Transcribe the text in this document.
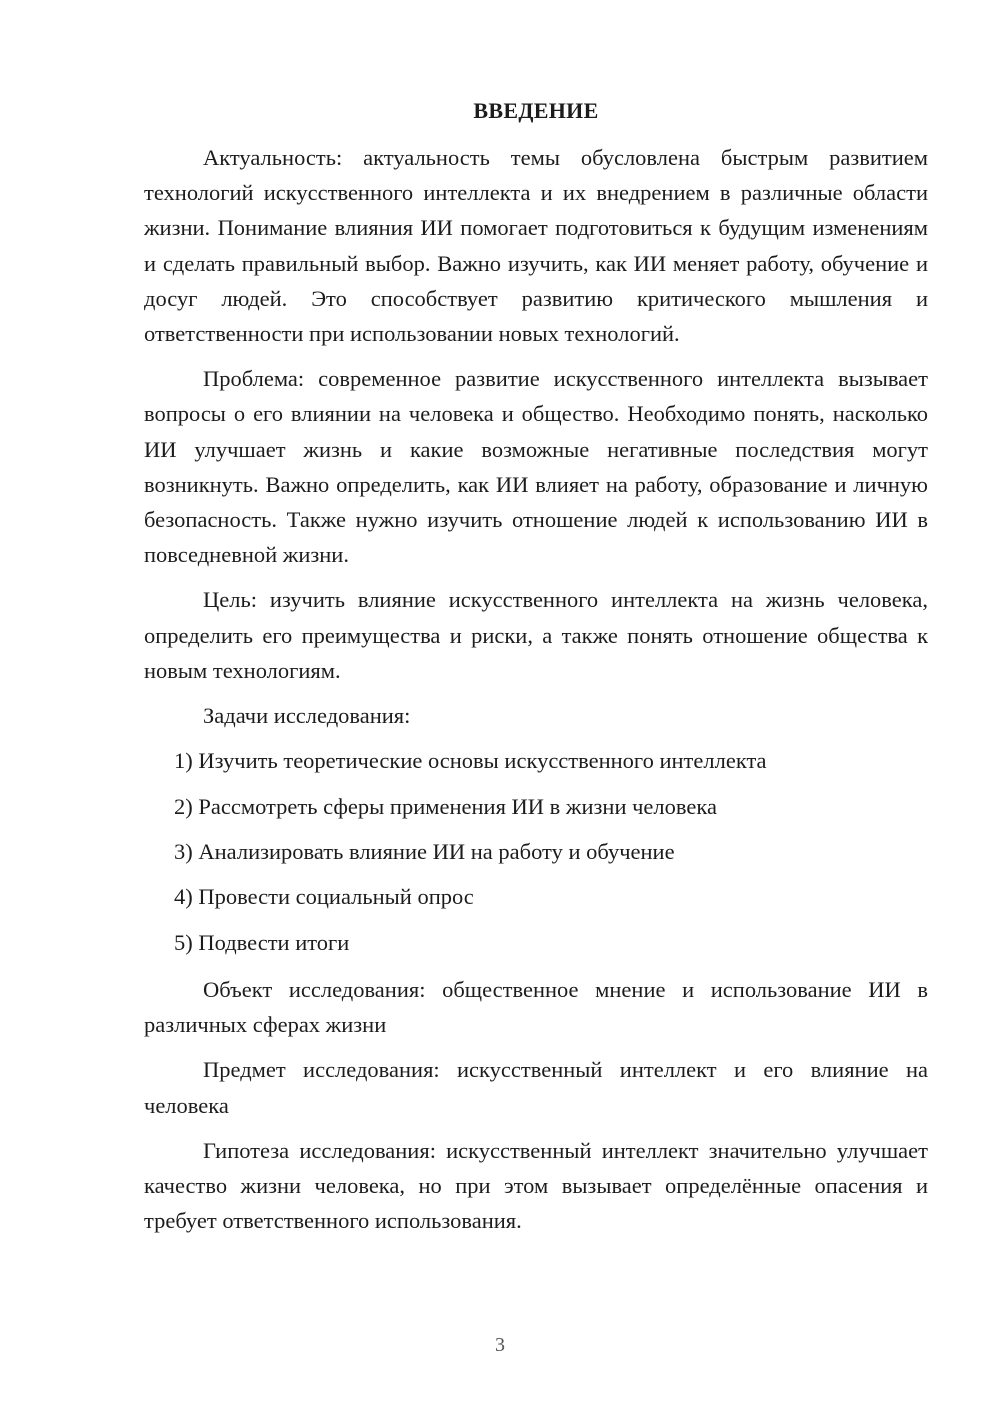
ВВЕДЕНИЕ

Актуальность: актуальность темы обусловлена быстрым развитием технологий искусственного интеллекта и их внедрением в различные области жизни. Понимание влияния ИИ помогает подготовиться к будущим изменениям и сделать правильный выбор. Важно изучить, как ИИ меняет работу, обучение и досуг людей. Это способствует развитию критического мышления и ответственности при использовании новых технологий.

Проблема: современное развитие искусственного интеллекта вызывает вопросы о его влиянии на человека и общество. Необходимо понять, насколько ИИ улучшает жизнь и какие возможные негативные последствия могут возникнуть. Важно определить, как ИИ влияет на работу, образование и личную безопасность. Также нужно изучить отношение людей к использованию ИИ в повседневной жизни.

Цель: изучить влияние искусственного интеллекта на жизнь человека, определить его преимущества и риски, а также понять отношение общества к новым технологиям.

Задачи исследования:

1) Изучить теоретические основы искусственного интеллекта
2) Рассмотреть сферы применения ИИ в жизни человека
3) Анализировать влияние ИИ на работу и обучение
4) Провести социальный опрос
5) Подвести итоги

Объект исследования: общественное мнение и использование ИИ в различных сферах жизни

Предмет исследования: искусственный интеллект и его влияние на человека

Гипотеза исследования: искусственный интеллект значительно улучшает качество жизни человека, но при этом вызывает определённые опасения и требует ответственного использования.

3
